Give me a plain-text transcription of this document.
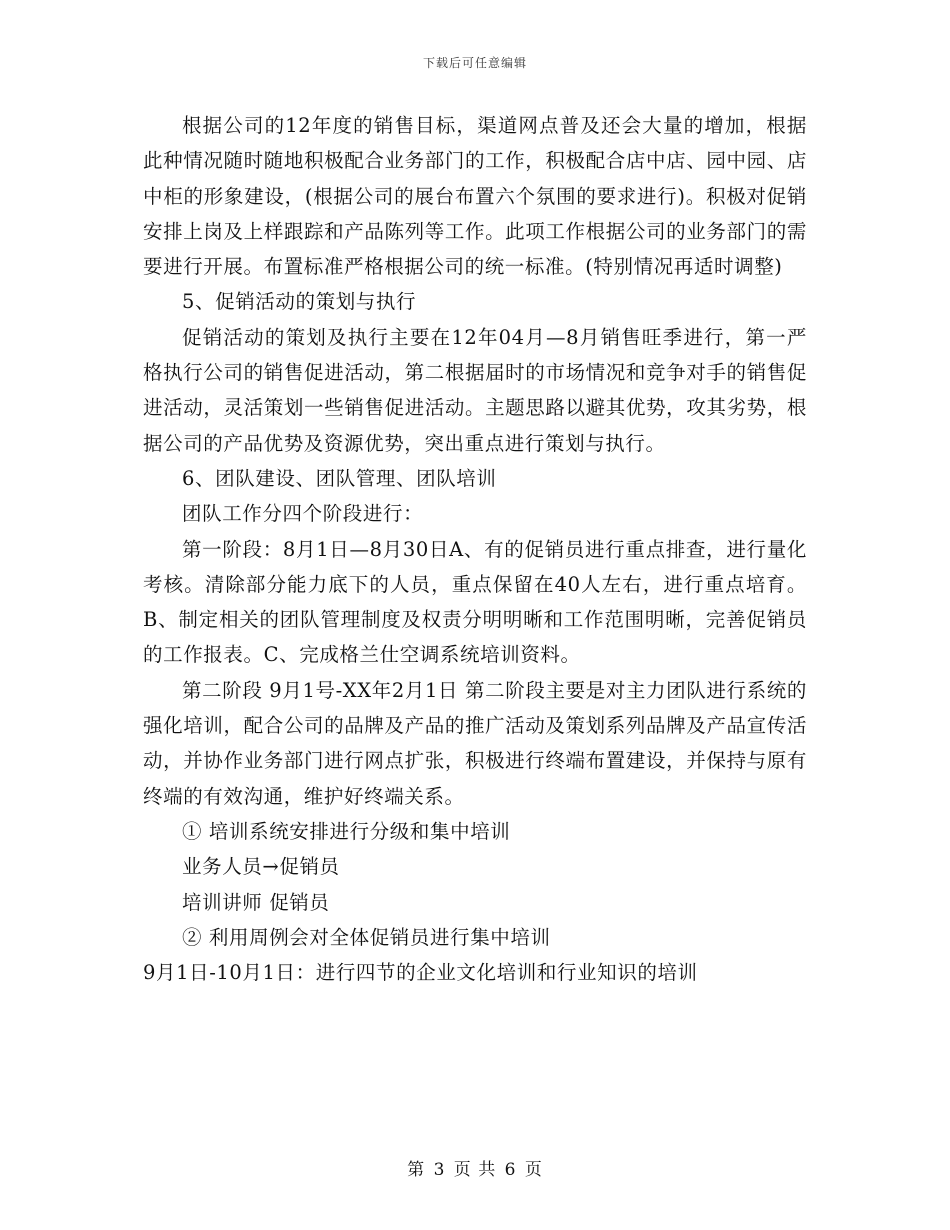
下载后可任意编辑

根据公司的12年度的销售目标，渠道网点普及还会大量的增加，根据此种情况随时随地积极配合业务部门的工作，积极配合店中店、园中园、店中柜的形象建设，(根据公司的展台布置六个氛围的要求进行)。积极对促销安排上岗及上样跟踪和产品陈列等工作。此项工作根据公司的业务部门的需要进行开展。布置标准严格根据公司的统一标准。(特别情况再适时调整)

5、促销活动的策划与执行

促销活动的策划及执行主要在12年04月—8月销售旺季进行，第一严格执行公司的销售促进活动，第二根据届时的市场情况和竞争对手的销售促进活动，灵活策划一些销售促进活动。主题思路以避其优势，攻其劣势，根据公司的产品优势及资源优势，突出重点进行策划与执行。

6、团队建设、团队管理、团队培训

团队工作分四个阶段进行：

第一阶段：8月1日—8月30日A、有的促销员进行重点排查，进行量化考核。清除部分能力底下的人员，重点保留在40人左右，进行重点培育。B、制定相关的团队管理制度及权责分明明晰和工作范围明晰，完善促销员的工作报表。C、完成格兰仕空调系统培训资料。

第二阶段 9月1号-XX年2月1日 第二阶段主要是对主力团队进行系统的强化培训，配合公司的品牌及产品的推广活动及策划系列品牌及产品宣传活动，并协作业务部门进行网点扩张，积极进行终端布置建设，并保持与原有终端的有效沟通，维护好终端关系。

① 培训系统安排进行分级和集中培训

业务人员→促销员

培训讲师 促销员

② 利用周例会对全体促销员进行集中培训

9月1日-10月1日：进行四节的企业文化培训和行业知识的培训

第 3 页 共 6 页
